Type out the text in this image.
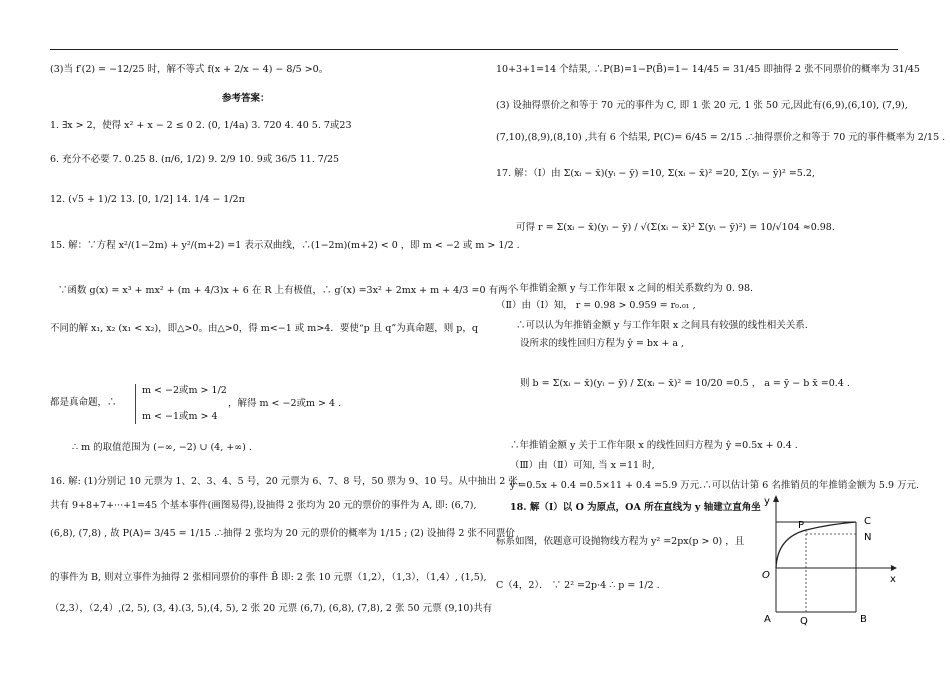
(3)当 f′(2) = −12/25 时，解不等式 f(x + 2/x − 4) − 8/5 >0。
参考答案：
1. ∃x > 2，使得 x² + x − 2 ≤ 0 2. (0, 1/4a) 3. 720 4. 40 5. 7或23
6. 充分不必要 7. 0.25 8. (π/6, 1/2) 9. 2/9 10. 9或 36/5 11. 7/25
12. (√5 + 1)/2 13. [0, 1/2] 14. 1/4 − 1/2π
15. 解：∵方程 x²/(1−2m) + y²/(m+2) =1 表示双曲线，∴(1−2m)(m+2) < 0 ，即 m < −2 或 m > 1/2 .
∵函数 g(x) = x³ + mx² + (m + 4/3)x + 6 在 R 上有极值，∴ g′(x) =3x² + 2mx + m + 4/3 =0 有两个
不同的解 x₁, x₂ (x₁ < x₂)，即△>0。由△>0，得 m<−1 或 m>4．要使“p 且 q”为真命题，则 p，q
都是真命题，∴
m < −2或m > 1/2
m < −1或m > 4
，解得 m < −2或m > 4 .
∴ m 的取值范围为 (−∞, −2) ∪ (4, +∞) .
16. 解: (1)分别记 10 元票为 1、2、3、4、5 号，20 元票为 6、7、8 号，50 票为 9、10 号。从中抽出 2 张，
共有 9+8+7+···+1=45 个基本事件(画图易得),设抽得 2 张均为 20 元的票价的事件为 A, 即: (6,7),
(6,8), (7,8) , 故 P(A)= 3/45 = 1/15 .∴抽得 2 张均为 20 元的票价的概率为 1/15 ; (2) 设抽得 2 张不同票价
的事件为 B, 则对立事件为抽得 2 张相同票价的事件 B̄ 即: 2 张 10 元票（1,2），（1,3），（1,4）, (1,5),
（2,3），（2,4）,(2, 5), (3, 4).(3, 5),(4, 5), 2 张 20 元票 (6,7), (6,8), (7,8), 2 张 50 元票 (9,10)共有
10+3+1=14 个结果, ∴P(B)=1−P(B̄)=1− 14/45 = 31/45 即抽得 2 张不同票价的概率为 31/45
(3) 设抽得票价之和等于 70 元的事件为 C, 即 1 张 20 元, 1 张 50 元,因此有(6,9),(6,10), (7,9),
(7,10),(8,9),(8,10) ,共有 6 个结果, P(C)= 6/45 = 2/15 .∴抽得票价之和等于 70 元的事件概率为 2/15 .
17. 解：（Ⅰ）由 Σ(xᵢ − x̄)(yᵢ − ȳ) =10, Σ(xᵢ − x̄)² =20, Σ(yᵢ − ȳ)² =5.2,
可得 r = Σ(xᵢ − x̄)(yᵢ − ȳ) / √(Σ(xᵢ − x̄)² Σ(yᵢ − ȳ)²) = 10/√104 ≈0.98.
∴年推销金额 y 与工作年限 x 之间的相关系数约为 0. 98.
（Ⅱ）由（Ⅰ）知， r = 0.98 > 0.959 = r₀.₀₁ ,
∴可以认为年推销金额 y 与工作年限 x 之间具有较强的线性相关关系.
设所求的线性回归方程为 ŷ = bx + a ,
则 b = Σ(xᵢ − x̄)(yᵢ − ȳ) / Σ(xᵢ − x̄)² = 10/20 =0.5 ， a = ȳ − b x̄ =0.4 .
∴年推销金额 y 关于工作年限 x 的线性回归方程为 ŷ =0.5x + 0.4 .
（Ⅲ）由（Ⅱ）可知, 当 x =11 时,
ŷ =0.5x + 0.4 =0.5×11 + 0.4 =5.9 万元.∴可以估计第 6 名推销员的年推销金额为 5.9 万元.
18. 解（Ⅰ）以 O 为原点，OA 所在直线为 y 轴建立直角坐
标系如图，依题意可设抛物线方程为 y² =2px(p > 0) ，且
C（4，2）． ∵ 2² =2p·4 ∴ p = 1/2 .
y
x
O
P	C
N
A	Q	B
